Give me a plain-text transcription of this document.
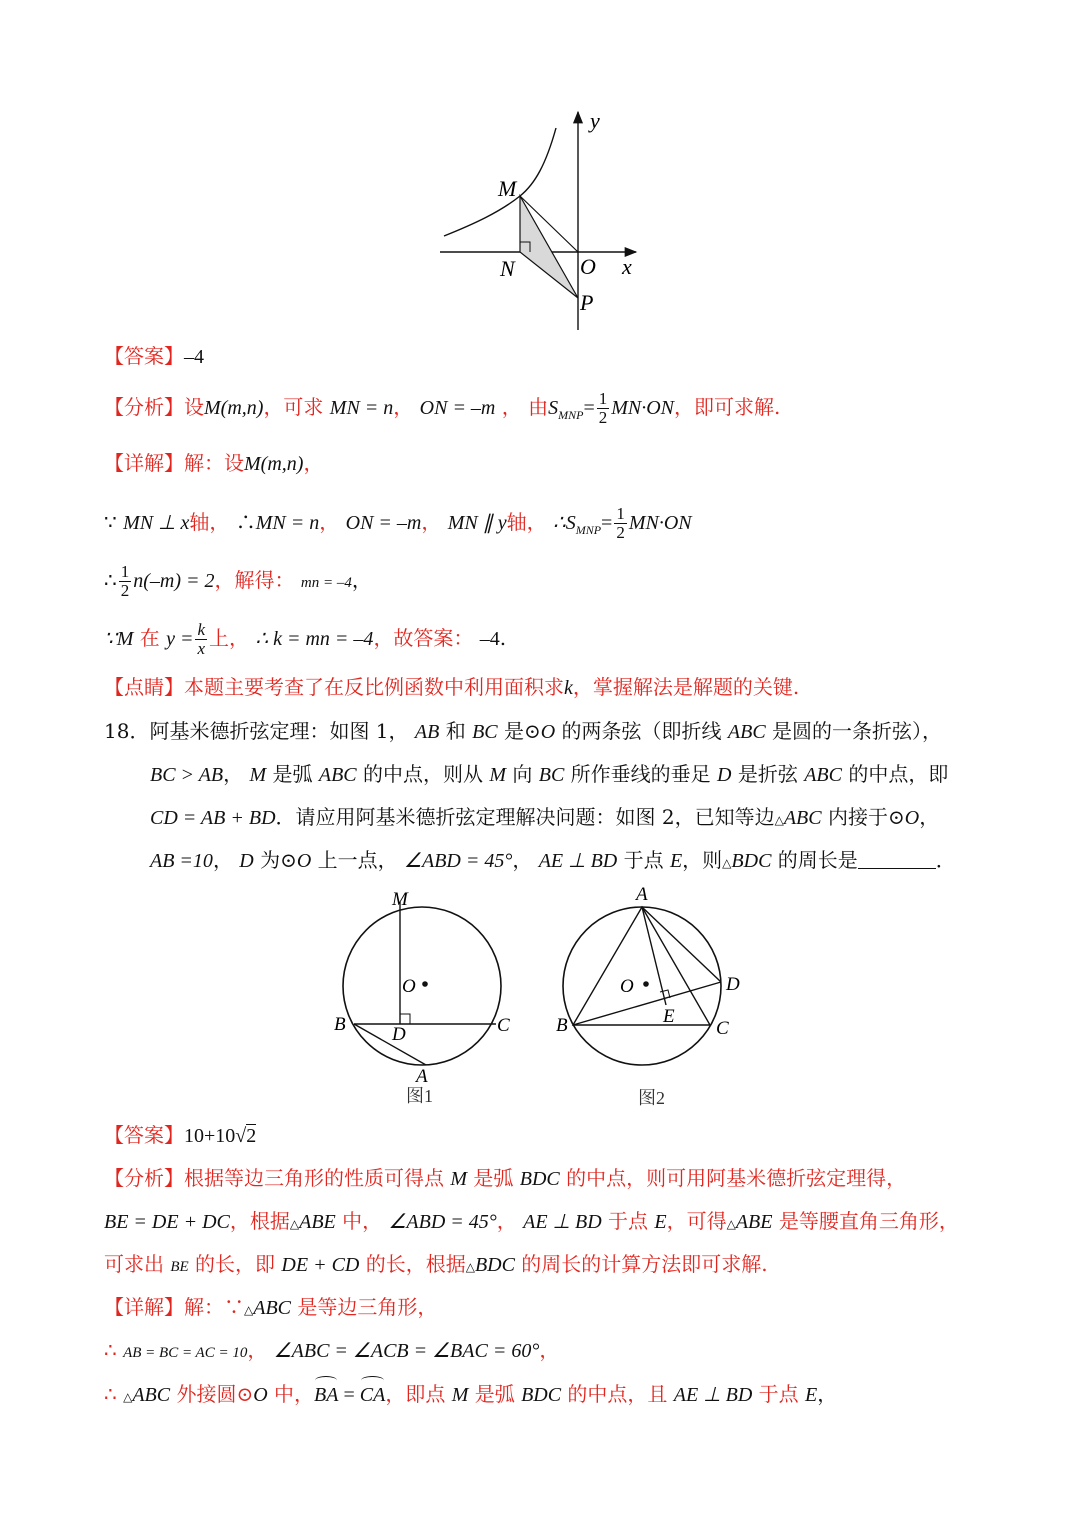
y
M
N	O x
P
【答案】–4
【分析】设M(m,n)，可求 MN = n， ON = –m ， 由$S_{MNP}= \frac{1}{2} MN\cdot ON$，即可求解.
【详解】解：设M(m,n)，
∵ MN ⊥ x轴， ∴MN = n， ON = –m， MN ∥ y轴， $\therefore S_{MNP}= \frac{1}{2} MN\cdot ON$
∴ $\frac{1}{2} n(-m) = 2$，解得： mn = –4，
∵M 在 $y = \frac{k}{x}$ 上， ∴ k = mn = –4，故答案： –4.
【点睛】本题主要考查了在反比例函数中利用面积求k，掌握解法是解题的关键.
18．阿基米德折弦定理：如图 1， AB 和 BC 是⊙O 的两条弦（即折线 ABC 是圆的一条折弦），
BC > AB， M 是弧 ABC 的中点，则从 M 向 BC 所作垂线的垂足 D 是折弦 ABC 的中点，即
CD = AB + BD．请应用阿基米德折弦定理解决问题：如图 2，已知等边△ABC 内接于⊙O，
AB =10， D 为⊙O 上一点， ∠ABD = 45°， AE ⊥ BD 于点 E，则△BDC 的周长是	．
M
O
B D	C
A
图1
A
O	D
E
B	C
图2
【答案】10+10√2
【分析】根据等边三角形的性质可得点 M 是弧 BDC 的中点，则可用阿基米德折弦定理得，
BE = DE + DC，根据△ABE 中， ∠ABD = 45°， AE ⊥ BD 于点 E，可得△ABE 是等腰直角三角形，
可求出 BE 的长，即 DE + CD 的长，根据△BDC 的周长的计算方法即可求解.
【详解】解：∵△ABC 是等边三角形，
∴ AB = BC = AC = 10， ∠ABC = ∠ACB = ∠BAC = 60°，
∴ △ABC 外接圆⊙O 中，BA = CA，即点 M 是弧 BDC 的中点，且 AE ⊥ BD 于点 E，
